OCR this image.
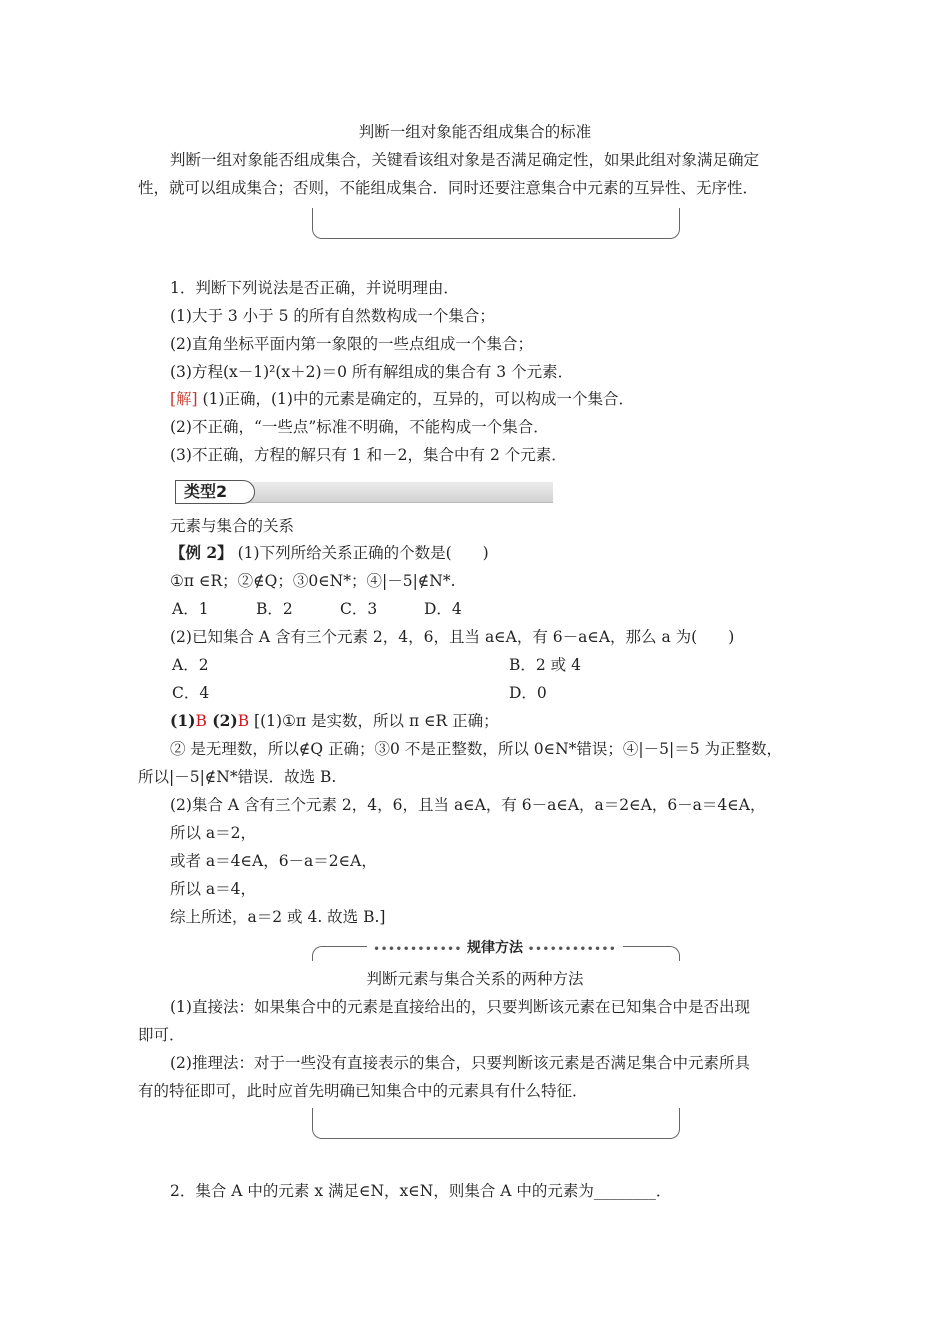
判断一组对象能否组成集合的标准
判断一组对象能否组成集合，关键看该组对象是否满足确定性，如果此组对象满足确定
性，就可以组成集合；否则，不能组成集合．同时还要注意集合中元素的互异性、无序性．
1．判断下列说法是否正确，并说明理由．
(1)大于 3 小于 5 的所有自然数构成一个集合；
(2)直角坐标平面内第一象限的一些点组成一个集合；
(3)方程(x－1)²(x＋2)＝0 所有解组成的集合有 3 个元素．
[解] (1)正确，(1)中的元素是确定的，互异的，可以构成一个集合．
(2)不正确，“一些点”标准不明确，不能构成一个集合．
(3)不正确，方程的解只有 1 和－2，集合中有 2 个元素．
类型2
元素与集合的关系
【例 2】 (1)下列所给关系正确的个数是(　　)
①π ∈R；②∉Q；③0∈N*；④|－5|∉N*.
A．1	B．2	C．3	D．4
(2)已知集合 A 含有三个元素 2，4，6，且当 a∈A，有 6－a∈A，那么 a 为(　　)
A．2	B．2 或 4
C．4	D．0
(1)B (2)B [(1)①π 是实数，所以 π ∈R 正确；
② 是无理数，所以∉Q 正确；③0 不是正整数，所以 0∈N*错误；④|－5|＝5 为正整数，
所以|－5|∉N*错误．故选 B.
(2)集合 A 含有三个元素 2，4，6，且当 a∈A，有 6－a∈A，a＝2∈A，6－a＝4∈A，
所以 a＝2，
或者 a＝4∈A，6－a＝2∈A，
所以 a＝4，
综上所述，a＝2 或 4. 故选 B.]
•••••••••••• 规律方法 ••••••••••••
判断元素与集合关系的两种方法
(1)直接法：如果集合中的元素是直接给出的，只要判断该元素在已知集合中是否出现
即可．
(2)推理法：对于一些没有直接表示的集合，只要判断该元素是否满足集合中元素所具
有的特征即可，此时应首先明确已知集合中的元素具有什么特征．
2．集合 A 中的元素 x 满足∈N，x∈N，则集合 A 中的元素为________．
